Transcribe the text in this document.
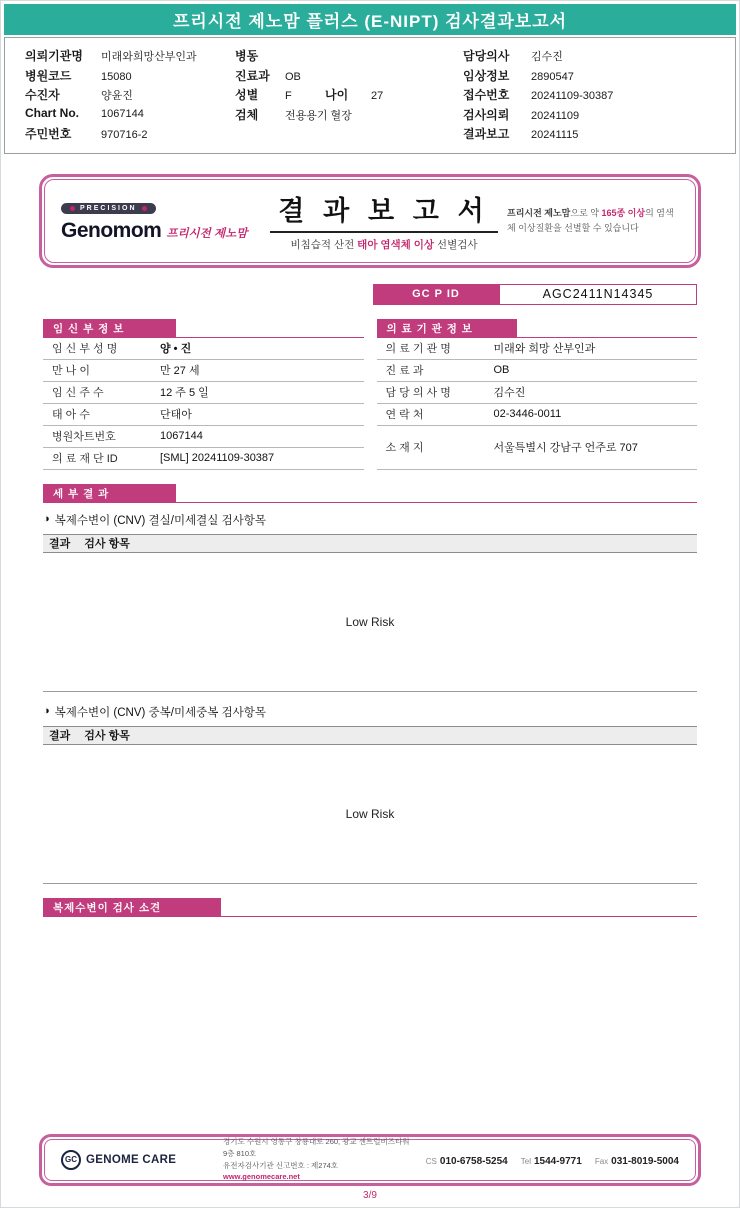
프리시전 제노맘 플러스 (E-NIPT) 검사결과보고서
의뢰기관명	미래와희망산부인과
병원코드	15080
수진자	양윤진
Chart No.	1067144
주민번호	970716-2
병동
진료과	OB
성별	F	나이	27
검체	전용용기 혈장
담당의사	김수진
임상정보	2890547
접수번호	20241109-30387
검사의뢰	20241109
결과보고	20241115
PRECISION
Genomom 프리시전 제노맘
결 과 보 고 서
비침습적 산전 태아 염색체 이상 선별검사
프리시전 제노맘으로 약 165종 이상의 염색체 이상질환을 선별할 수 있습니다
GC P ID	AGC2411N14345
임 신 부 정 보
임 신 부 성 명	양 • 진
만 나 이	만 27 세
임 신 주 수	12 주 5 일
태 아 수	단태아
병원차트번호	1067144
의 료 재 단 ID	[SML] 20241109-30387
의 료 기 관 정 보
의 료 기 관 명	미래와 희망 산부인과
진 료 과	OB
담 당 의 사 명	김수진
연 락 처	02-3446-0011
소 재 지	서울특별시 강남구 언주로 707
세 부 결 과
◑ 복제수변이 (CNV) 결실/미세결실 검사항목
결과 검사 항목
Low Risk
◑ 복제수변이 (CNV) 중복/미세중복 검사항목
결과 검사 항목
Low Risk
복제수변이 검사 소견
GC GENOME CARE
경기도 수원시 영통구 창룡대로 260, 광교 센트럴비즈타워 9층 810호
유전자검사기관 신고번호 : 제274호
www.genomecare.net
CS 010-6758-5254 Tel 1544-9771 Fax 031-8019-5004
3/9
